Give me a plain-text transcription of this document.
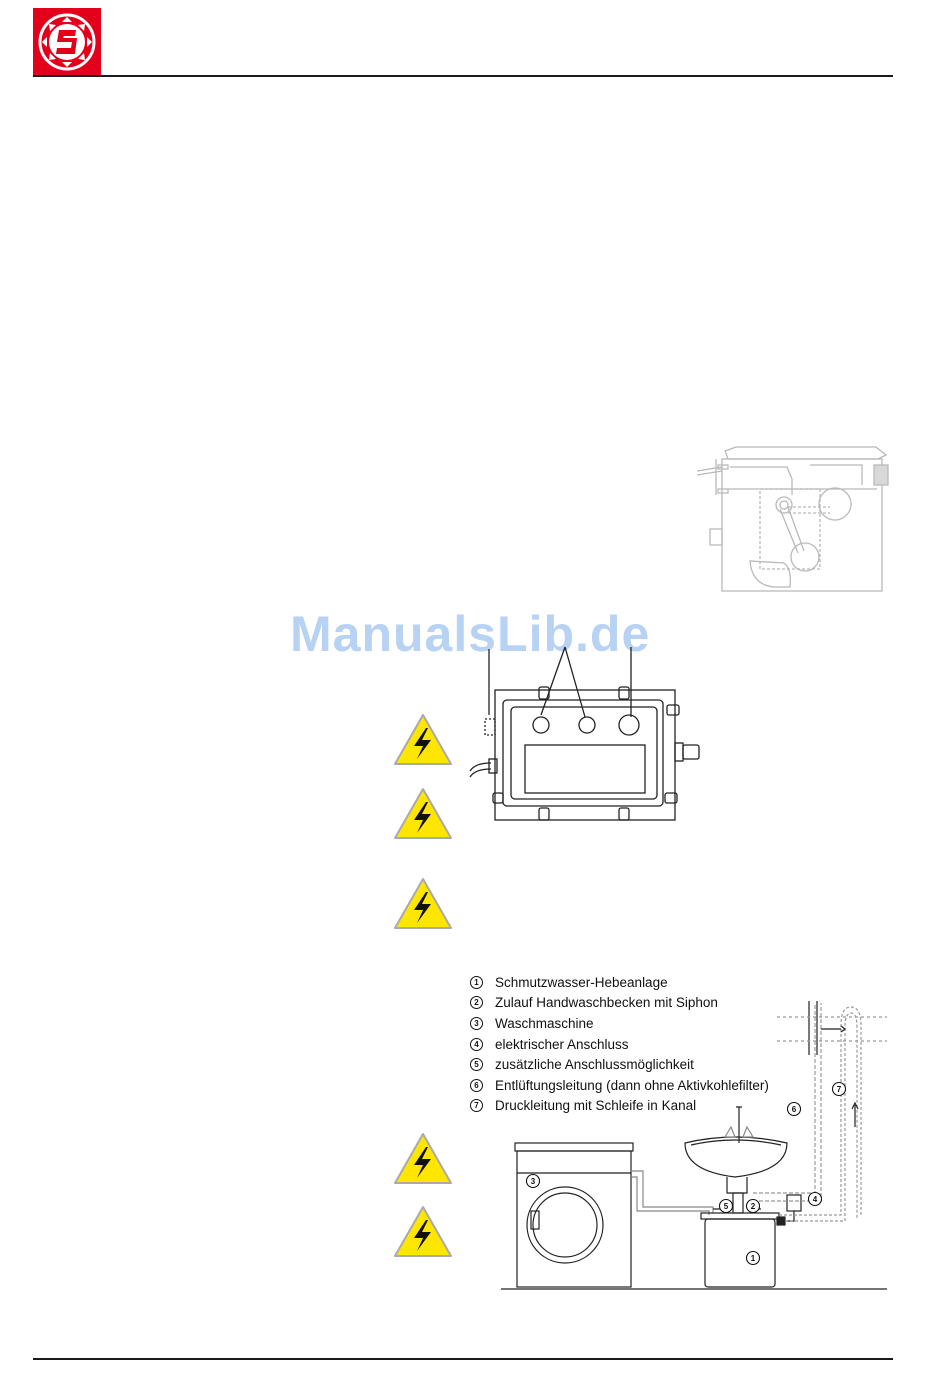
ManualsLib.de
1	Schmutzwasser-Hebeanlage
2	Zulauf Handwaschbecken mit Siphon
3	Waschmaschine
4	elektrischer Anschluss
5	zusätzliche Anschlussmöglichkeit
6	Entlüftungsleitung (dann ohne Aktivkohlefilter)
7	Druckleitung mit Schleife in Kanal
1
2
3
4
5
6
7
